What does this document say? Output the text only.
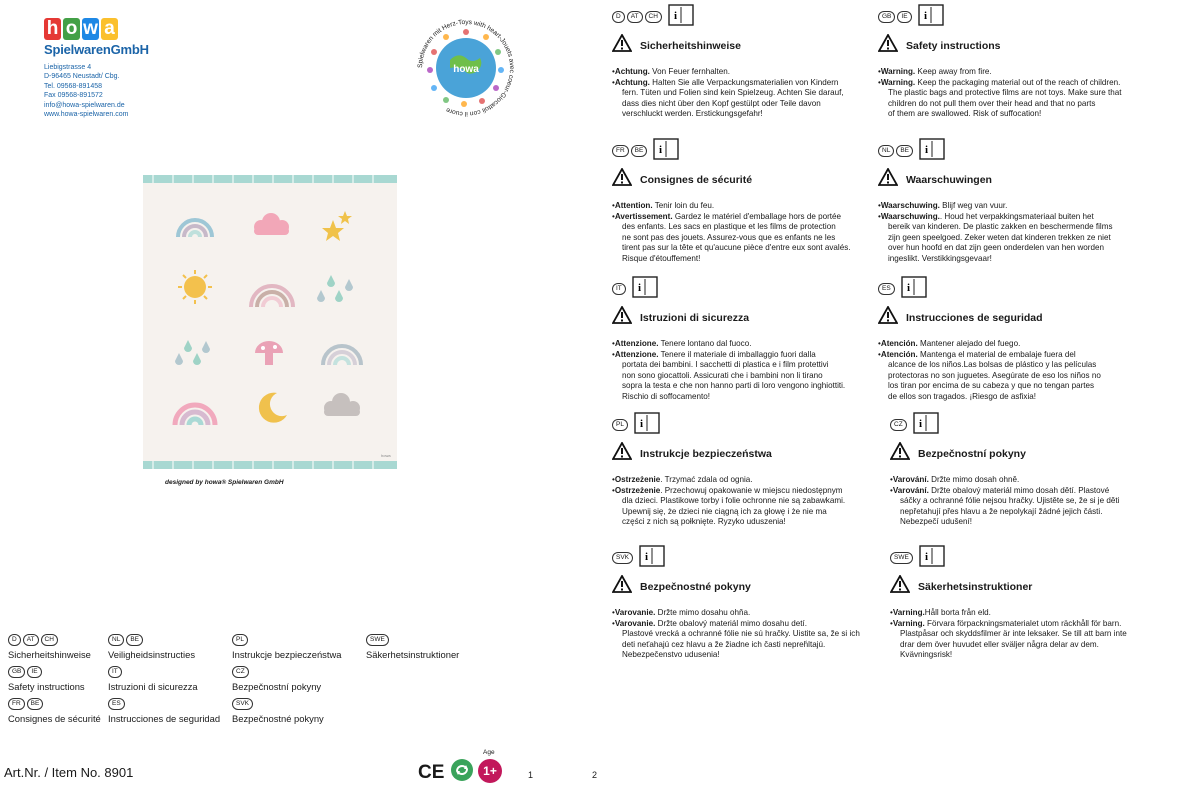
h o w a ®
SpielwarenGmbH
Liebigstrasse 4
D-96465 Neustadt/ Cbg.
Tel. 09568-891458
Fax 09568-891572
info@howa-spielwaren.de
www.howa-spielwaren.com
howa
Spielwaren mit Herz-Toys with heart-Jouets avec coeur-Giocattoli con il cuore
howa
designed by howa® Spielwaren GmbH
D	AT	CH	i
Sicherheitshinweise

•Achtung. Von Feuer fernhalten.

•Achtung. Halten Sie alle Verpackungsmaterialien von Kindern

fern. Tüten und Folien sind kein Spielzeug. Achten Sie darauf,

dass dies nicht über den Kopf gestülpt oder Teile davon

verschluckt werden. Erstickungsgefahr!

GB	IE	i
Safety instructions

•Warning. Keep away from fire.

•Warning. Keep the packaging material out of the reach of children.

The plastic bags and protective films are not toys. Make sure that

children do not pull them over their head and that no parts

of them are swallowed. Risk of suffocation!

FR	BE	i
Consignes de sécurité

•Attention. Tenir loin du feu.

•Avertissement. Gardez le matériel d'emballage hors de portée

des enfants. Les sacs en plastique et les films de protection

ne sont pas des jouets. Assurez-vous que es enfants ne les

tirent pas sur la tête et qu'aucune pièce d'entre eux sont avalés.

Risque d'étouffement!

NL	BE	i
Waarschuwingen

•Waarschuwing. Blijf weg van vuur.

•Waarschuwing.. Houd het verpakkingsmateriaal buiten het

bereik van kinderen. De plastic zakken en beschermende films

zijn geen speelgoed. Zeker weten dat kinderen trekken ze niet

over hun hoofd en dat zijn geen onderdelen van hen worden

ingeslikt. Verstikkingsgevaar!

IT	i
Istruzioni di sicurezza

•Attenzione. Tenere lontano dal fuoco.

•Attenzione. Tenere il materiale di imballaggio fuori dalla

portata dei bambini. I sacchetti di plastica e i film protettivi

non sono giocattoli. Assicurati che i bambini non li tirano

sopra la testa e che non hanno parti di loro vengono inghiottiti.

Rischio di soffocamento!

ES	i
Instrucciones de seguridad

•Atención. Mantener alejado del fuego.

•Atención. Mantenga el material de embalaje fuera del

alcance de los niños.Las bolsas de plástico y las películas

protectoras no son juguetes. Asegúrate de eso los niños no

los tiran por encima de su cabeza y que no tengan partes

de ellos son tragados. ¡Riesgo de asfixia!

PL	i
Instrukcje bezpieczeństwa

•Ostrzeżenie. Trzymać zdala od ognia.

•Ostrzeżenie. Przechowuj opakowanie w miejscu niedostępnym

dla dzieci. Plastikowe torby i folie ochronne nie są zabawkami.

Upewnij się, że dzieci nie ciągną ich za głowę i że nie ma

części z nich są połknięte. Ryzyko uduszenia!

CZ	i
Bezpečnostní pokyny

•Varování. Držte mimo dosah ohně.

•Varování. Držte obalový materiál mimo dosah dětí. Plastové

sáčky a ochranné fólie nejsou hračky. Ujistěte se, že si je děti

nepřetahují přes hlavu a že nepolykají žádné jejich části.

Nebezpečí udušení!

SVK	i
Bezpečnostné pokyny

•Varovanie. Držte mimo dosahu ohňa.

•Varovanie. Držte obalový materiál mimo dosahu detí.

Plastové vrecká a ochranné fólie nie sú hračky. Uistite sa, že si ich

deti neťahajú cez hlavu a že žiadne ich časti nepreh́ltajú.

Nebezpečenstvo udusenia!

SWE	i
Säkerhetsinstruktioner

•Varning.Håll borta från eld.

•Varning. Förvara förpackningsmaterialet utom räckhåll för barn.

Plastpåsar och skyddsfilmer är inte leksaker. Se till att barn inte

drar dem över huvudet eller sväljer några delar av dem.

Kvävningsrisk!

D	AT	CH
Sicherheitshinweise
GB	IE
Safety instructions
FR	BE
Consignes de sécurité
NL	BE
Veiligheidsinstructies
IT
Istruzioni di sicurezza
ES
Instrucciones de seguridad
PL
Instrukcje bezpieczeństwa
CZ
Bezpečnostní pokyny
SVK
Bezpečnostné pokyny
SWE
Säkerhetsinstruktioner
Art.Nr. / Item No. 8901	CE
Age
1+	1	2
